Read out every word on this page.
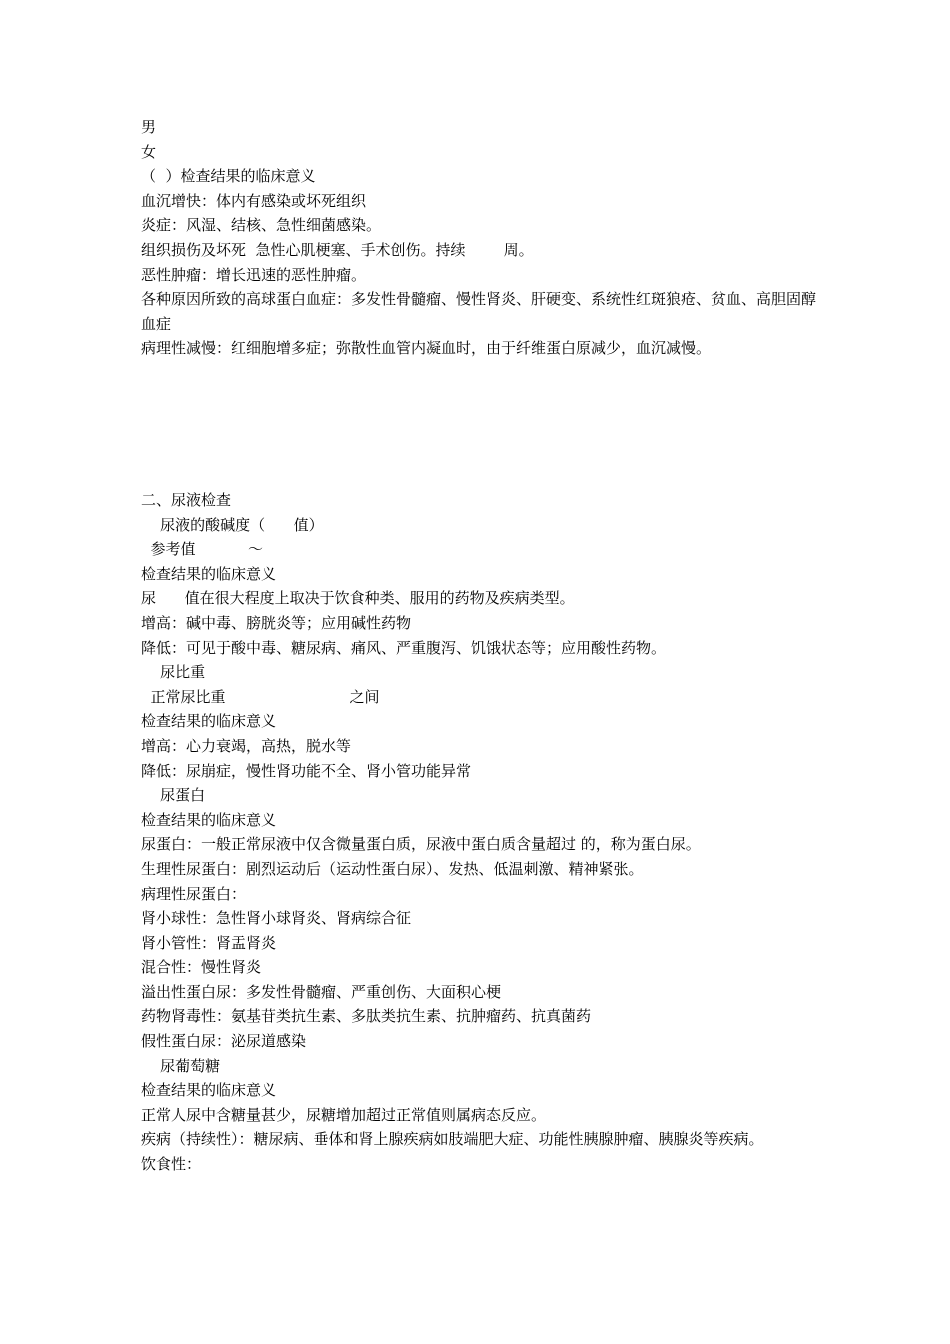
男

女

（  ）检查结果的临床意义

血沉增快：体内有感染或坏死组织

炎症：风湿、结核、急性细菌感染。

组织损伤及坏死  急性心肌梗塞、手术创伤。持续        周。

恶性肿瘤：增长迅速的恶性肿瘤。

各种原因所致的高球蛋白血症：多发性骨髓瘤、慢性肾炎、肝硬变、系统性红斑狼疮、贫血、高胆固醇血症

病理性减慢：红细胞增多症；弥散性血管内凝血时，由于纤维蛋白原减少，血沉减慢。

二、尿液检查

尿液的酸碱度（      值）

参考值           ～

检查结果的临床意义

尿      值在很大程度上取决于饮食种类、服用的药物及疾病类型。

增高：碱中毒、膀胱炎等；应用碱性药物

降低：可见于酸中毒、糖尿病、痛风、严重腹泻、饥饿状态等；应用酸性药物。

尿比重

正常尿比重                          之间

检查结果的临床意义

增高：心力衰竭，高热，脱水等

降低：尿崩症，慢性肾功能不全、肾小管功能异常

尿蛋白

检查结果的临床意义

尿蛋白：一般正常尿液中仅含微量蛋白质，尿液中蛋白质含量超过 的，称为蛋白尿。

生理性尿蛋白：剧烈运动后（运动性蛋白尿）、发热、低温刺激、精神紧张。

病理性尿蛋白：

肾小球性：急性肾小球肾炎、肾病综合征

肾小管性：肾盂肾炎

混合性：慢性肾炎

溢出性蛋白尿：多发性骨髓瘤、严重创伤、大面积心梗

药物肾毒性：氨基苷类抗生素、多肽类抗生素、抗肿瘤药、抗真菌药

假性蛋白尿：泌尿道感染

尿葡萄糖

检查结果的临床意义

正常人尿中含糖量甚少，尿糖增加超过正常值则属病态反应。

疾病（持续性）：糖尿病、垂体和肾上腺疾病如肢端肥大症、功能性胰腺肿瘤、胰腺炎等疾病。

饮食性：
